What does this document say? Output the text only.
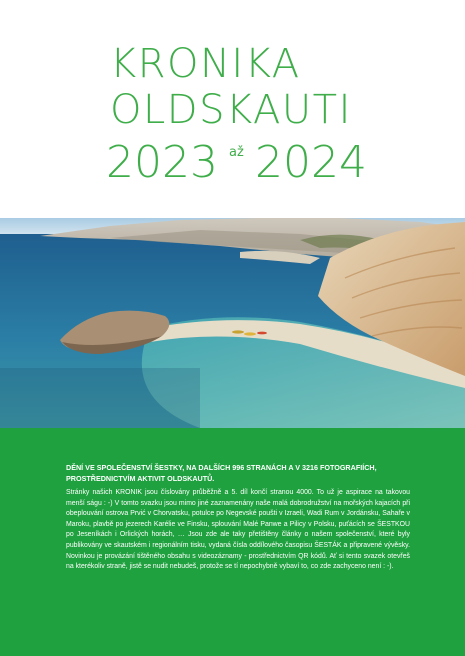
KRONIKA
OLDSKAUTI
2023 až 2024

DĚNÍ VE SPOLEČENSTVÍ ŠESTKY, NA DALŠÍCH 996 STRANÁCH A V 3216 FOTOGRAFIÍCH, PROSTŘEDNICTVÍM AKTIVIT OLDSKAUTŮ.

Stránky našich KRONIK jsou číslovány průběžně a 5. díl končí stranou 4000. To už je aspirace na takovou menší ságu : -) V tomto svazku jsou mimo jiné zaznamenány naše malá dobrodružství na mořských kajacích při obeplouvání ostrova Prvić v Chorvatsku, potulce po Negevské poušti v Izraeli, Wadi Rum v Jordánsku, Sahaře v Maroku, plavbě po jezerech Karélie ve Finsku, splouvání Malé Panwe a Pilicy v Polsku, puťácích se ŠESTKOU po Jeseníkách i Orlických horách, … Jsou zde ale taky přetištěny články o našem společenství, které byly publikovány ve skautském i regionálním tisku, vydaná čísla oddílového časopisu ŠESTÁK a připravené vývěsky. Novinkou je provázání tištěného obsahu s videozáznamy - prostřednictvím QR kódů. Ať si tento svazek otevřeš na kterékoliv straně, jistě se nudit nebudeš, protože se tí nepochybně vybaví to, co zde zachyceno není : -).
